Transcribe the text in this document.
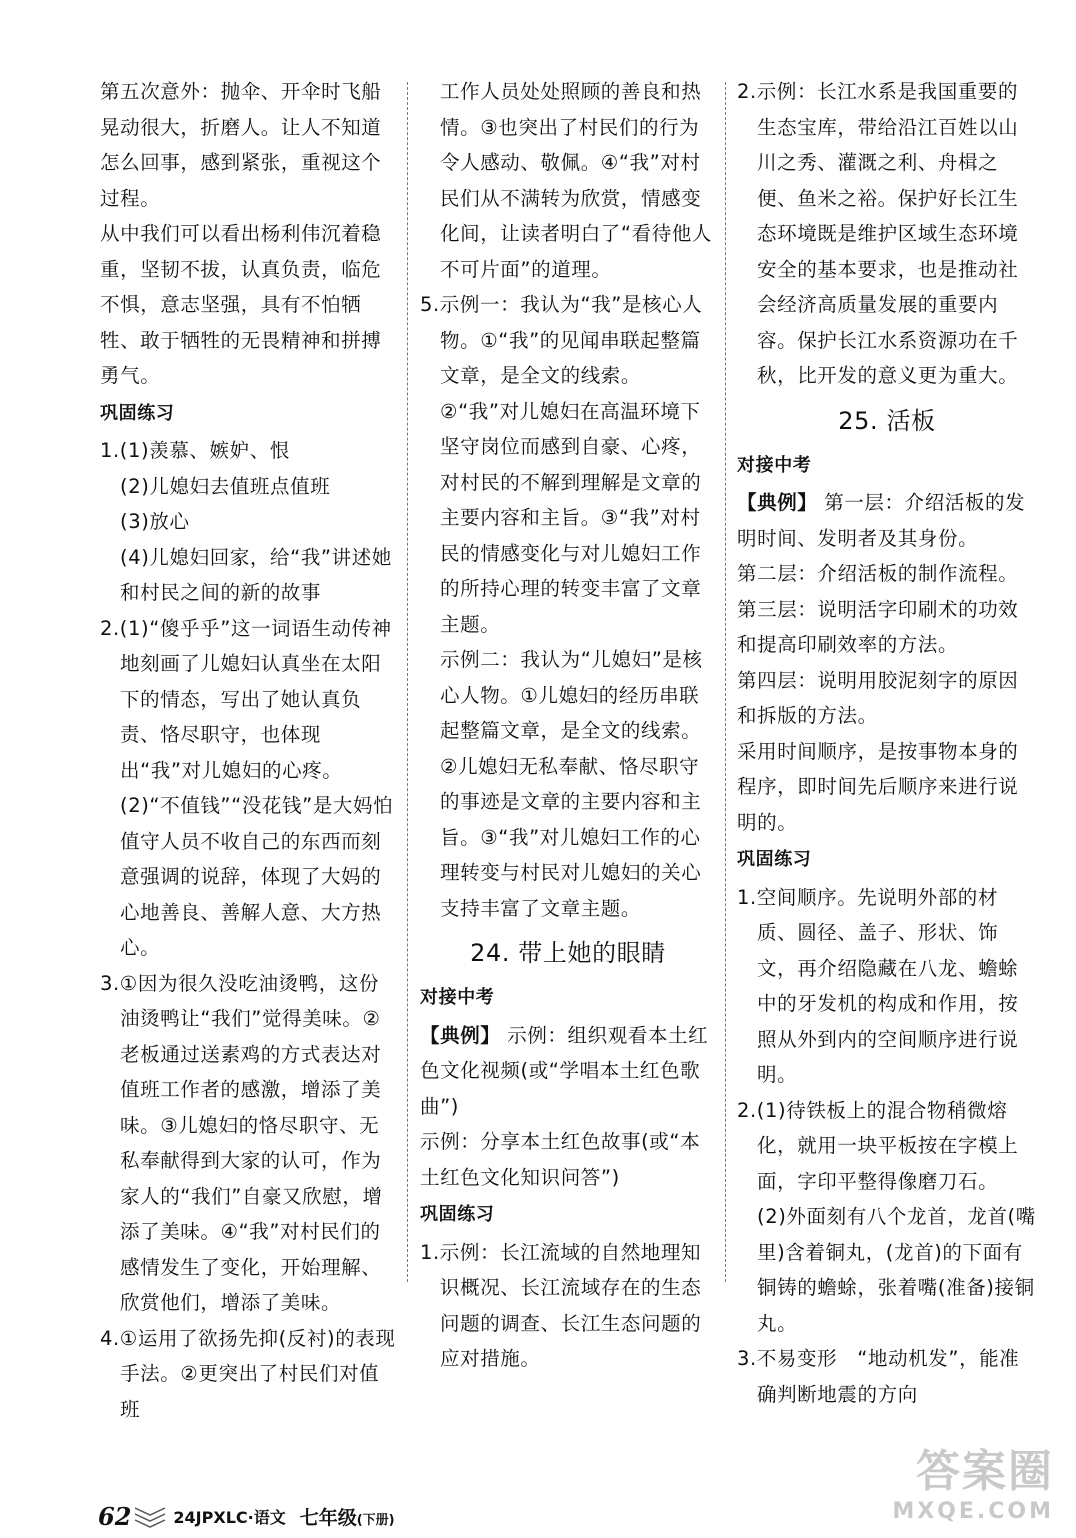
第五次意外：抛伞、开伞时飞船晃动很大，折磨人。让人不知道怎么回事，感到紧张，重视这个过程。

从中我们可以看出杨利伟沉着稳重，坚韧不拔，认真负责，临危不惧，意志坚强，具有不怕牺牲、敢于牺牲的无畏精神和拼搏勇气。

巩固练习

1.(1)羡慕、嫉妒、恨

(2)儿媳妇去值班点值班

(3)放心

(4)儿媳妇回家，给“我”讲述她和村民之间的新的故事

2.(1)“傻乎乎”这一词语生动传神地刻画了儿媳妇认真坐在太阳下的情态，写出了她认真负责、恪尽职守，也体现出“我”对儿媳妇的心疼。

(2)“不值钱”“没花钱”是大妈怕值守人员不收自己的东西而刻意强调的说辞，体现了大妈的心地善良、善解人意、大方热心。

3.①因为很久没吃油烫鸭，这份油烫鸭让“我们”觉得美味。②老板通过送素鸡的方式表达对值班工作者的感激，增添了美味。③儿媳妇的恪尽职守、无私奉献得到大家的认可，作为家人的“我们”自豪又欣慰，增添了美味。④“我”对村民们的感情发生了变化，开始理解、欣赏他们，增添了美味。

4.①运用了欲扬先抑(反衬)的表现手法。②更突出了村民们对值班

工作人员处处照顾的善良和热情。③也突出了村民们的行为令人感动、敬佩。④“我”对村民们从不满转为欣赏，情感变化间，让读者明白了“看待他人不可片面”的道理。

5.示例一：我认为“我”是核心人物。①“我”的见闻串联起整篇文章，是全文的线索。②“我”对儿媳妇在高温环境下坚守岗位而感到自豪、心疼，对村民的不解到理解是文章的主要内容和主旨。③“我”对村民的情感变化与对儿媳妇工作的所持心理的转变丰富了文章主题。

示例二：我认为“儿媳妇”是核心人物。①儿媳妇的经历串联起整篇文章，是全文的线索。②儿媳妇无私奉献、恪尽职守的事迹是文章的主要内容和主旨。③“我”对儿媳妇工作的心理转变与村民对儿媳妇的关心支持丰富了文章主题。

24. 带上她的眼睛

对接中考

【典例】 示例：组织观看本土红色文化视频(或“学唱本土红色歌曲”)

示例：分享本土红色故事(或“本土红色文化知识问答”)

巩固练习

1.示例：长江流域的自然地理知识概况、长江流域存在的生态问题的调查、长江生态问题的应对措施。

2.示例：长江水系是我国重要的生态宝库，带给沿江百姓以山川之秀、灌溉之利、舟楫之便、鱼米之裕。保护好长江生态环境既是维护区域生态环境安全的基本要求，也是推动社会经济高质量发展的重要内容。保护长江水系资源功在千秋，比开发的意义更为重大。

25. 活板

对接中考

【典例】 第一层：介绍活板的发明时间、发明者及其身份。

第二层：介绍活板的制作流程。

第三层：说明活字印刷术的功效和提高印刷效率的方法。

第四层：说明用胶泥刻字的原因和拆版的方法。

采用时间顺序，是按事物本身的程序，即时间先后顺序来进行说明的。

巩固练习

1.空间顺序。先说明外部的材质、圆径、盖子、形状、饰文，再介绍隐藏在八龙、蟾蜍中的牙发机的构成和作用，按照从外到内的空间顺序进行说明。

2.(1)待铁板上的混合物稍微熔化，就用一块平板按在字模上面，字印平整得像磨刀石。

(2)外面刻有八个龙首，龙首(嘴里)含着铜丸，(龙首)的下面有铜铸的蟾蜍，张着嘴(准备)接铜丸。

3.不易变形　“地动机发”，能准确判断地震的方向

62	24JPXLC·语文 七年级(下册)
答案圈
MXQE.COM
